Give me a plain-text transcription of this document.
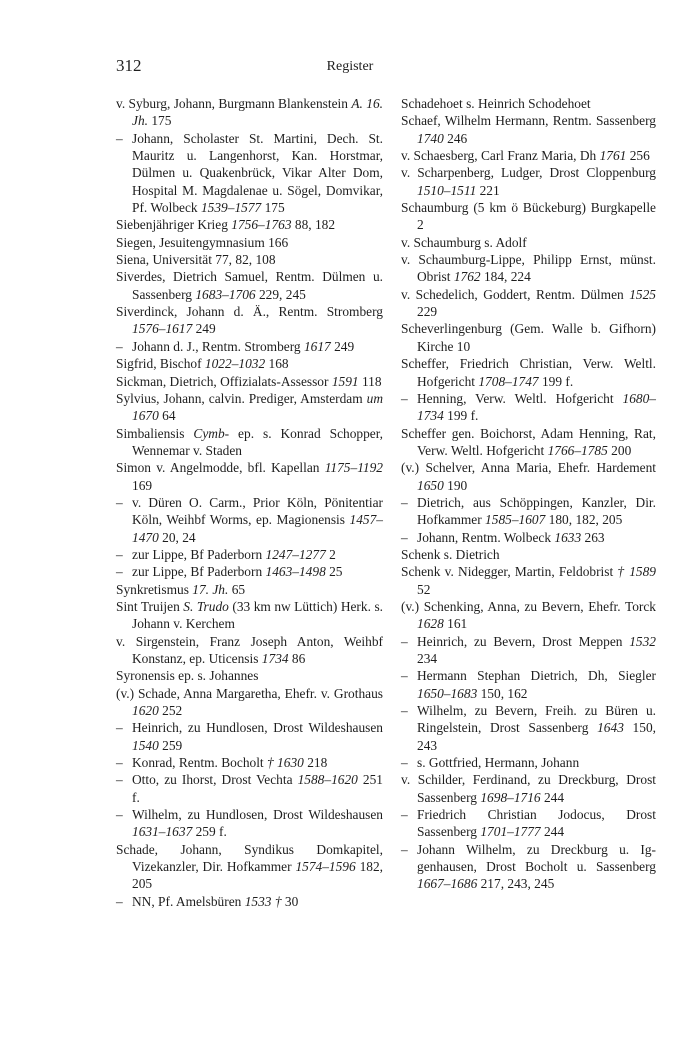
312	Register

v. Syburg, Johann, Burgmann Blankenstein A. 16. Jh. 175

– Johann, Scholaster St. Martini, Dech. St. Mauritz u. Langenhorst, Kan. Horstmar, Dülmen u. Quakenbrück, Vikar Alter Dom, Hospital M. Magdalenae u. Sögel, Domvikar, Pf. Wolbeck 1539–1577 175

Siebenjähriger Krieg 1756–1763 88, 182

Siegen, Jesuitengymnasium 166

Siena, Universität 77, 82, 108

Siverdes, Dietrich Samuel, Rentm. Dülmen u. Sassenberg 1683–1706 229, 245

Siverdinck, Johann d. Ä., Rentm. Stromberg 1576–1617 249

– Johann d. J., Rentm. Stromberg 1617 249

Sigfrid, Bischof 1022–1032 168

Sickman, Dietrich, Offizialats-Assessor 1591 118

Sylvius, Johann, calvin. Prediger, Amsterdam um 1670 64

Simbaliensis Cymb- ep. s. Konrad Schopper, Wennemar v. Staden

Simon v. Angelmodde, bfl. Kapellan 1175–1192 169

– v. Düren O. Carm., Prior Köln, Pönitentiar Köln, Weihbf Worms, ep. Magionensis 1457–1470 20, 24

– zur Lippe, Bf Paderborn 1247–1277 2

– zur Lippe, Bf Paderborn 1463–1498 25

Synkretismus 17. Jh. 65

Sint Truijen S. Trudo (33 km nw Lüttich) Herk. s. Johann v. Kerchem

v. Sirgenstein, Franz Joseph Anton, Weihbf Konstanz, ep. Uticensis 1734 86

Syronensis ep. s. Johannes

(v.) Schade, Anna Margaretha, Ehefr. v. Grothaus 1620 252

– Heinrich, zu Hundlosen, Drost Wildeshausen 1540 259

– Konrad, Rentm. Bocholt † 1630 218

– Otto, zu Ihorst, Drost Vechta 1588–1620 251 f.

– Wilhelm, zu Hundlosen, Drost Wildeshausen 1631–1637 259 f.

Schade, Johann, Syndikus Domkapitel, Vizekanzler, Dir. Hofkammer 1574–1596 182, 205

– NN, Pf. Amelsbüren 1533 † 30

Schadehoet s. Heinrich Schodehoet

Schaef, Wilhelm Hermann, Rentm. Sassenberg 1740 246

v. Schaesberg, Carl Franz Maria, Dh 1761 256

v. Scharpenberg, Ludger, Drost Cloppenburg 1510–1511 221

Schaumburg (5 km ö Bückeburg) Burgkapelle 2

v. Schaumburg s. Adolf

v. Schaumburg-Lippe, Philipp Ernst, münst. Obrist 1762 184, 224

v. Schedelich, Goddert, Rentm. Dülmen 1525 229

Scheverlingenburg (Gem. Walle b. Gifhorn) Kirche 10

Scheffer, Friedrich Christian, Verw. Weltl. Hofgericht 1708–1747 199 f.

– Henning, Verw. Weltl. Hofgericht 1680–1734 199 f.

Scheffer gen. Boichorst, Adam Henning, Rat, Verw. Weltl. Hofgericht 1766–1785 200

(v.) Schelver, Anna Maria, Ehefr. Hardement 1650 190

– Dietrich, aus Schöppingen, Kanzler, Dir. Hofkammer 1585–1607 180, 182, 205

– Johann, Rentm. Wolbeck 1633 263

Schenk s. Dietrich

Schenk v. Nidegger, Martin, Feldobrist † 1589 52

(v.) Schenking, Anna, zu Bevern, Ehefr. Torck 1628 161

– Heinrich, zu Bevern, Drost Meppen 1532 234

– Hermann Stephan Dietrich, Dh, Siegler 1650–1683 150, 162

– Wilhelm, zu Bevern, Freih. zu Büren u. Ringelstein, Drost Sassenberg 1643 150, 243

– s. Gottfried, Hermann, Johann

v. Schilder, Ferdinand, zu Dreckburg, Drost Sassenberg 1698–1716 244

– Friedrich Christian Jodocus, Drost Sassenberg 1701–1777 244

– Johann Wilhelm, zu Dreckburg u. Iggenhausen, Drost Bocholt u. Sassenberg 1667–1686 217, 243, 245
